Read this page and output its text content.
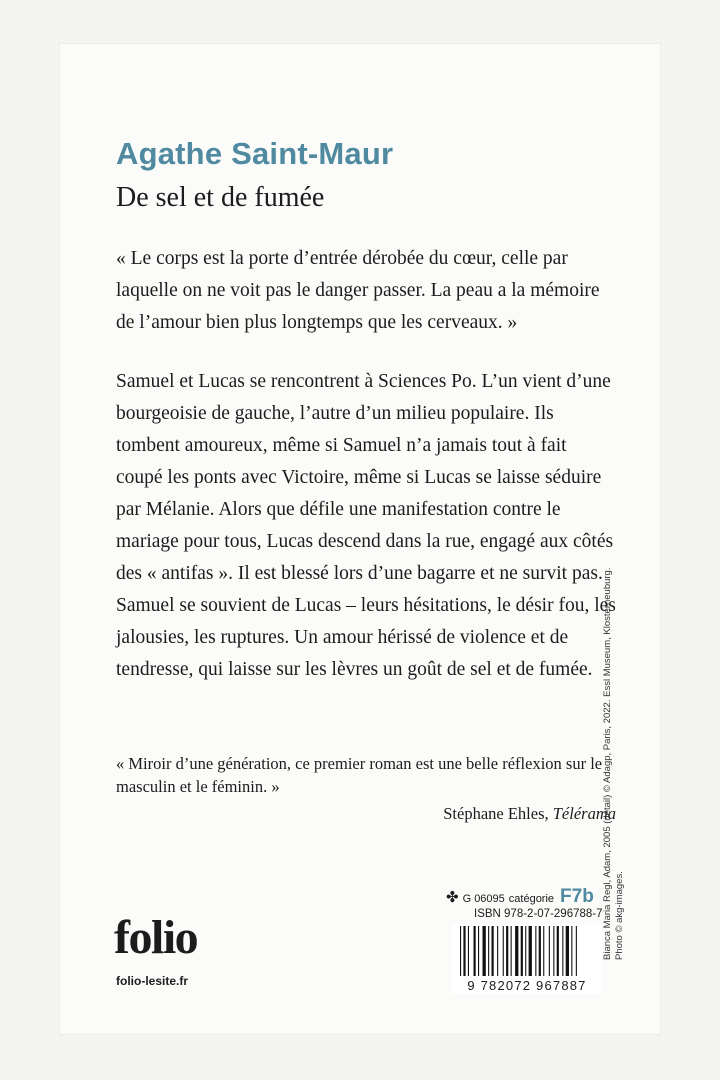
Agathe Saint-Maur
De sel et de fumée

« Le corps est la porte d’entrée dérobée du cœur, celle par laquelle on ne voit pas le danger passer. La peau a la mémoire de l’amour bien plus longtemps que les cerveaux. »

Samuel et Lucas se rencontrent à Sciences Po. L’un vient d’une bourgeoisie de gauche, l’autre d’un milieu populaire. Ils tombent amoureux, même si Samuel n’a jamais tout à fait coupé les ponts avec Victoire, même si Lucas se laisse séduire par Mélanie. Alors que défile une manifestation contre le mariage pour tous, Lucas descend dans la rue, engagé aux côtés des « antifas ». Il est blessé lors d’une bagarre et ne survit pas.

Samuel se souvient de Lucas – leurs hésitations, le désir fou, les jalousies, les ruptures. Un amour hérissé de violence et de tendresse, qui laisse sur les lèvres un goût de sel et de fumée.

« Miroir d’une génération, ce premier roman est une belle réflexion sur le masculin et le féminin. »

Stéphane Ehles, Télérama

Bianca Maria Regl, Adam, 2005 (détail) © Adagp, Paris, 2022. Essl Museum, Klosterneuburg. Photo © akg-images.
✤ G 06095 catégorie F7b
ISBN 978-2-07-296788-7
9 782072 967887
folio
folio-lesite.fr
